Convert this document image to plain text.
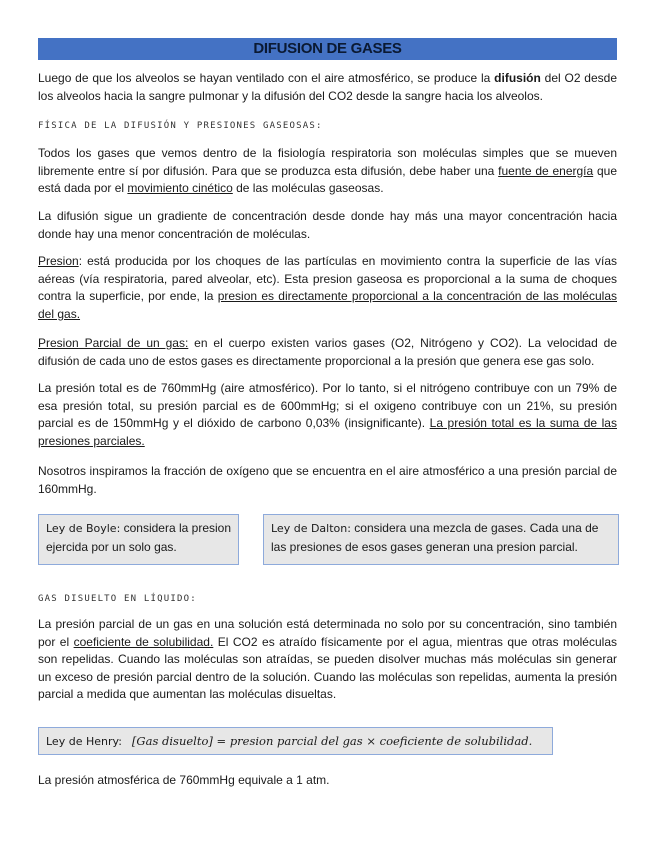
DIFUSION DE GASES

Luego de que los alveolos se hayan ventilado con el aire atmosférico, se produce la difusión del O2 desde los alveolos hacia la sangre pulmonar y la difusión del CO2 desde la sangre hacia los alveolos.

FÍSICA DE LA DIFUSIÓN Y PRESIONES GASEOSAS:

Todos los gases que vemos dentro de la fisiología respiratoria son moléculas simples que se mueven libremente entre sí por difusión. Para que se produzca esta difusión, debe haber una fuente de energía que está dada por el movimiento cinético de las moléculas gaseosas.

La difusión sigue un gradiente de concentración desde donde hay más una mayor concentración hacia donde hay una menor concentración de moléculas.

Presion: está producida por los choques de las partículas en movimiento contra la superficie de las vías aéreas (vía respiratoria, pared alveolar, etc). Esta presion gaseosa es proporcional a la suma de choques contra la superficie, por ende, la presion es directamente proporcional a la concentración de las moléculas del gas.

Presion Parcial de un gas: en el cuerpo existen varios gases (O2, Nitrógeno y CO2). La velocidad de difusión de cada uno de estos gases es directamente proporcional a la presión que genera ese gas solo.

La presión total es de 760mmHg (aire atmosférico). Por lo tanto, si el nitrógeno contribuye con un 79% de esa presión total, su presión parcial es de 600mmHg; si el oxigeno contribuye con un 21%, su presión parcial es de 150mmHg y el dióxido de carbono 0,03% (insignificante). La presión total es la suma de las presiones parciales.

Nosotros inspiramos la fracción de oxígeno que se encuentra en el aire atmosférico a una presión parcial de 160mmHg.

Ley de Boyle: considera la presion ejercida por un solo gas.
Ley de Dalton: considera una mezcla de gases. Cada una de las presiones de esos gases generan una presion parcial.

GAS DISUELTO EN LÍQUIDO:

La presión parcial de un gas en una solución está determinada no solo por su concentración, sino también por el coeficiente de solubilidad. El CO2 es atraído físicamente por el agua, mientras que otras moléculas son repelidas. Cuando las moléculas son atraídas, se pueden disolver muchas más moléculas sin generar un exceso de presión parcial dentro de la solución. Cuando las moléculas son repelidas, aumenta la presión parcial a medida que aumentan las moléculas disueltas.

Ley de Henry: [Gas disuelto] = presion parcial del gas × coeficiente de solubilidad.

La presión atmosférica de 760mmHg equivale a 1 atm.
